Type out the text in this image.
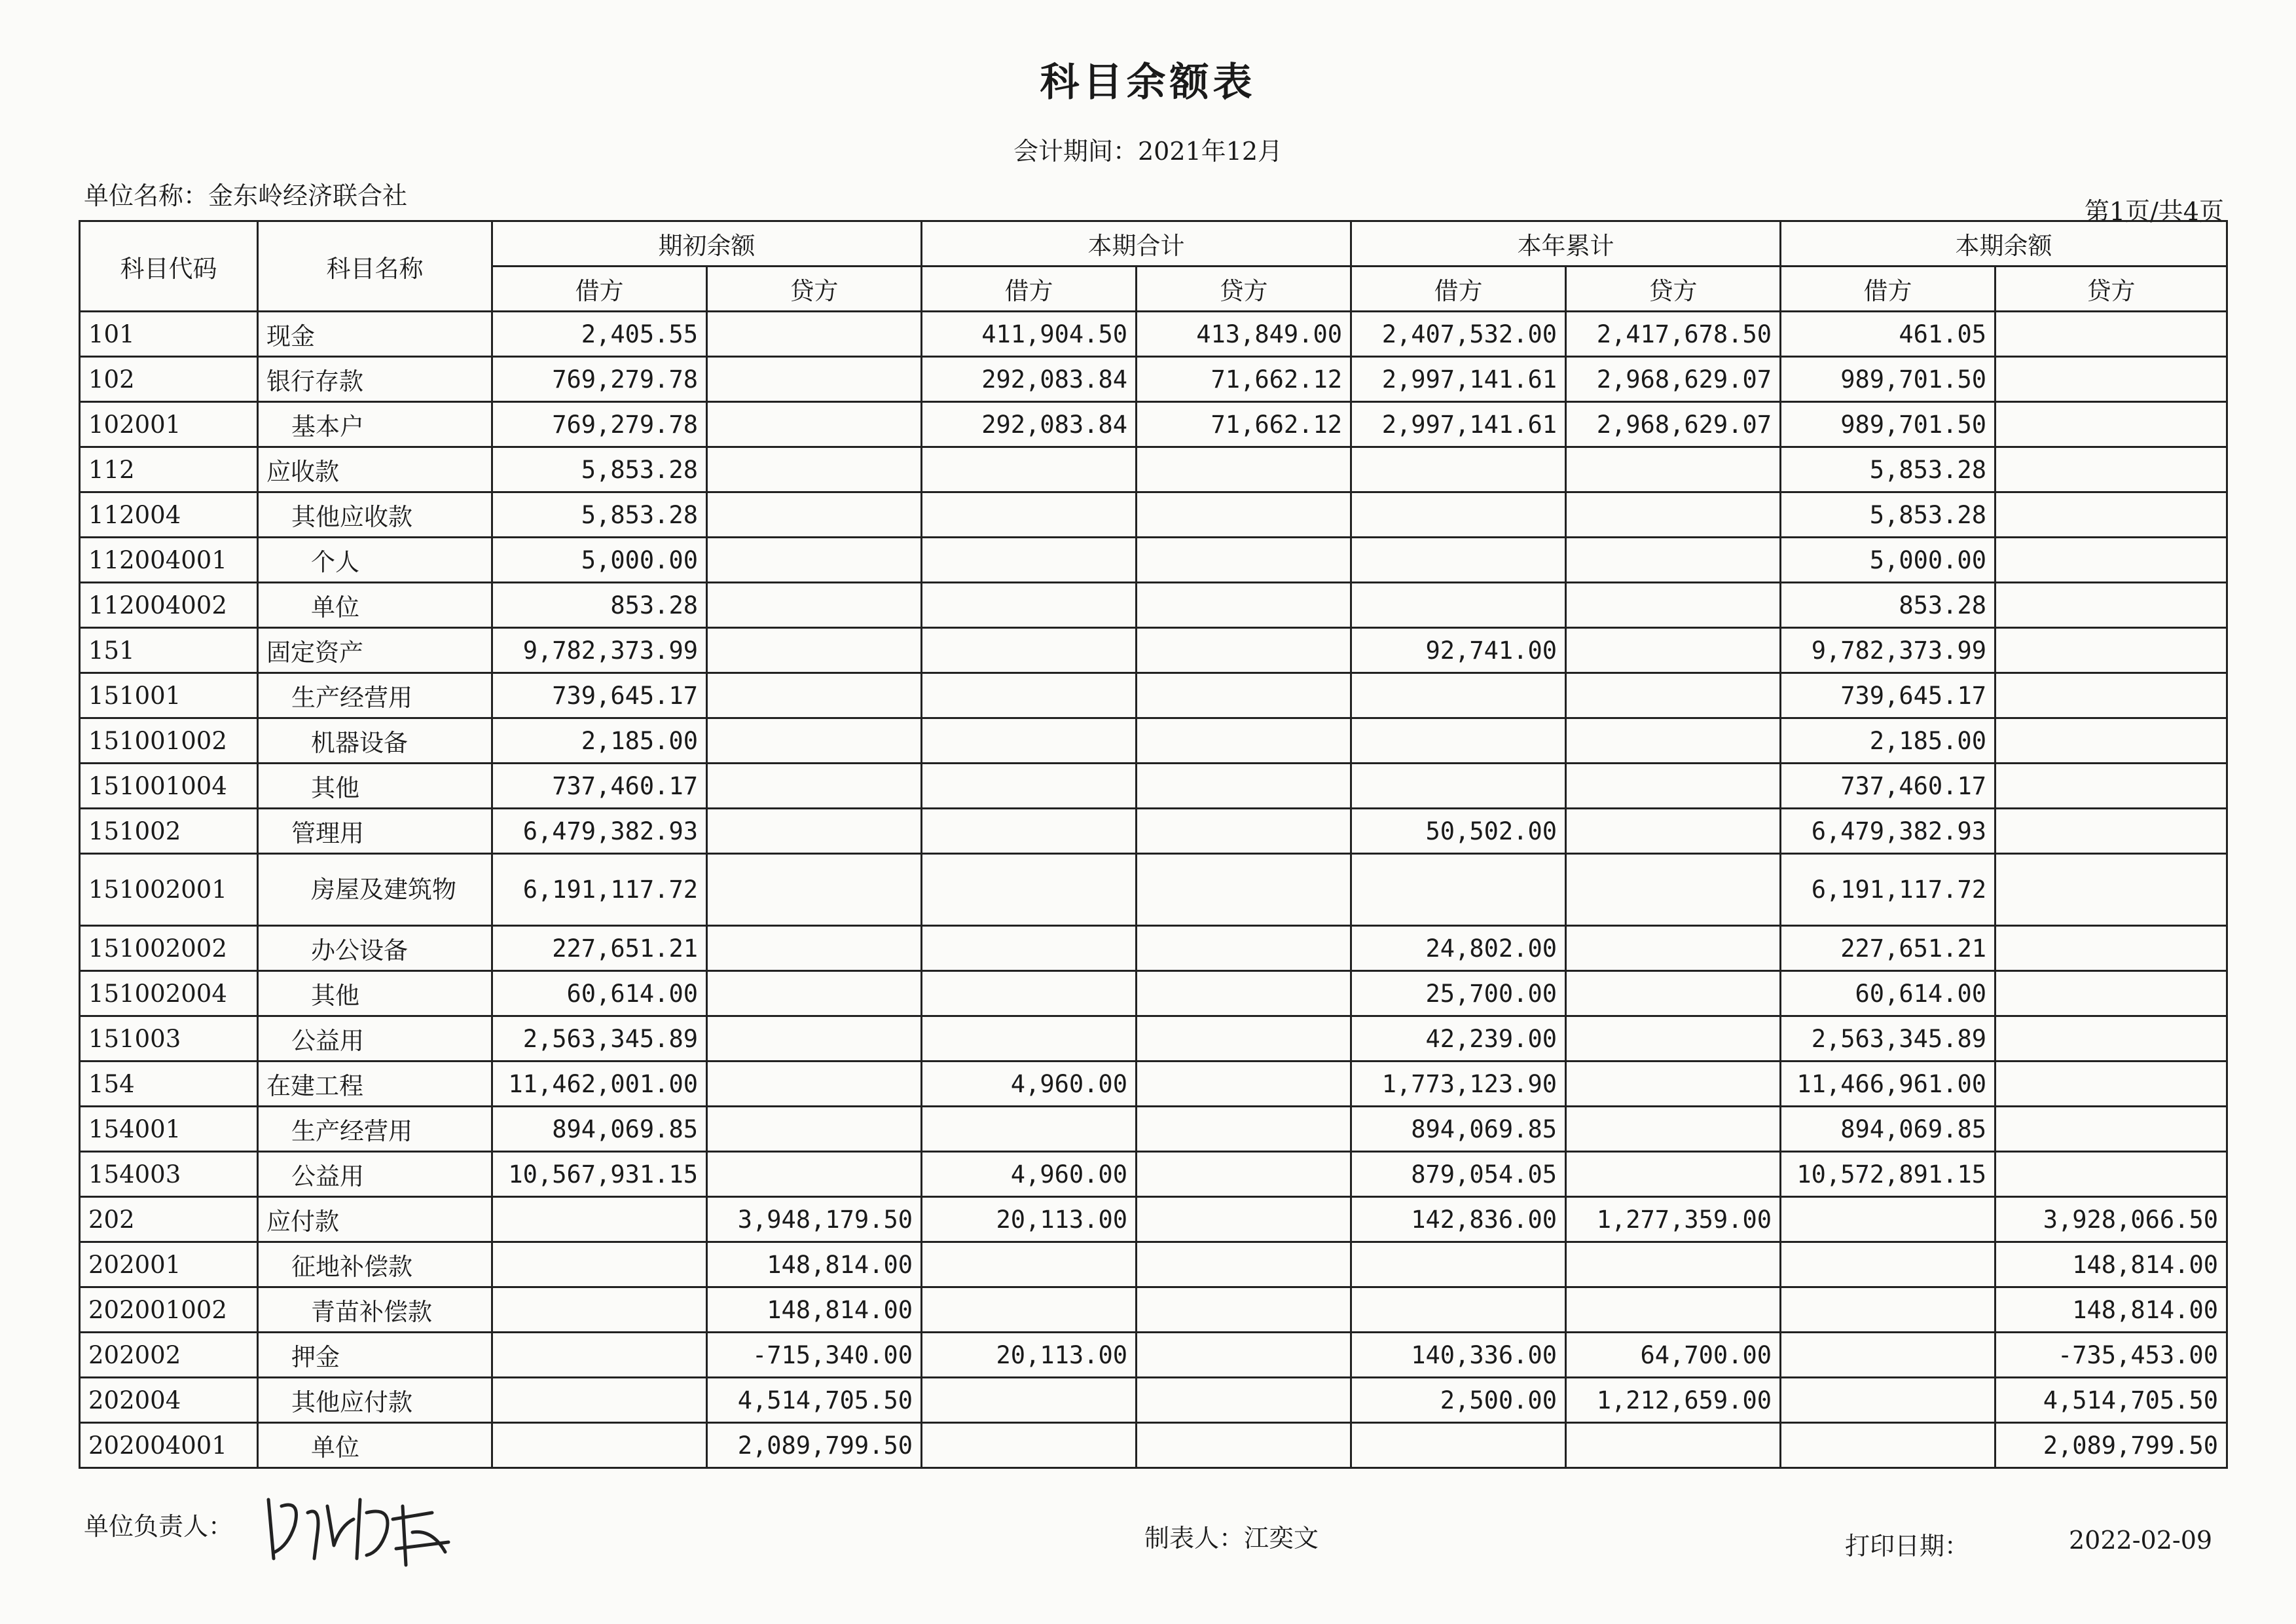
科目余额表
会计期间：2021年12月
单位名称：金东岭经济联合社
第1页/共4页
科目代码	科目名称	期初余额		本期合计		本年累计		本期余额	
		借方	贷方	借方	贷方	借方	贷方	借方	贷方
101	现金	2,405.55		411,904.50	413,849.00	2,407,532.00	2,417,678.50	461.05	
102	银行存款	769,279.78		292,083.84	71,662.12	2,997,141.61	2,968,629.07	989,701.50	
102001	基本户	769,279.78		292,083.84	71,662.12	2,997,141.61	2,968,629.07	989,701.50	
112	应收款	5,853.28						5,853.28	
112004	其他应收款	5,853.28						5,853.28	
112004001	个人	5,000.00						5,000.00	
112004002	单位	853.28						853.28	
151	固定资产	9,782,373.99				92,741.00		9,782,373.99	
151001	生产经营用	739,645.17						739,645.17	
151001002	机器设备	2,185.00						2,185.00	
151001004	其他	737,460.17						737,460.17	
151002	管理用	6,479,382.93				50,502.00		6,479,382.93	
151002001	房屋及建筑物	6,191,117.72						6,191,117.72	
151002002	办公设备	227,651.21				24,802.00		227,651.21	
151002004	其他	60,614.00				25,700.00		60,614.00	
151003	公益用	2,563,345.89				42,239.00		2,563,345.89	
154	在建工程	11,462,001.00		4,960.00		1,773,123.90		11,466,961.00	
154001	生产经营用	894,069.85				894,069.85		894,069.85	
154003	公益用	10,567,931.15		4,960.00		879,054.05		10,572,891.15	
202	应付款		3,948,179.50	20,113.00		142,836.00	1,277,359.00		3,928,066.50
202001	征地补偿款		148,814.00						148,814.00
202001002	青苗补偿款		148,814.00						148,814.00
202002	押金		-715,340.00	20,113.00		140,336.00	64,700.00		-735,453.00
202004	其他应付款		4,514,705.50			2,500.00	1,212,659.00		4,514,705.50
202004001	单位		2,089,799.50						2,089,799.50
单位负责人：	制表人：江奕文	打印日期：	2022-02-09
